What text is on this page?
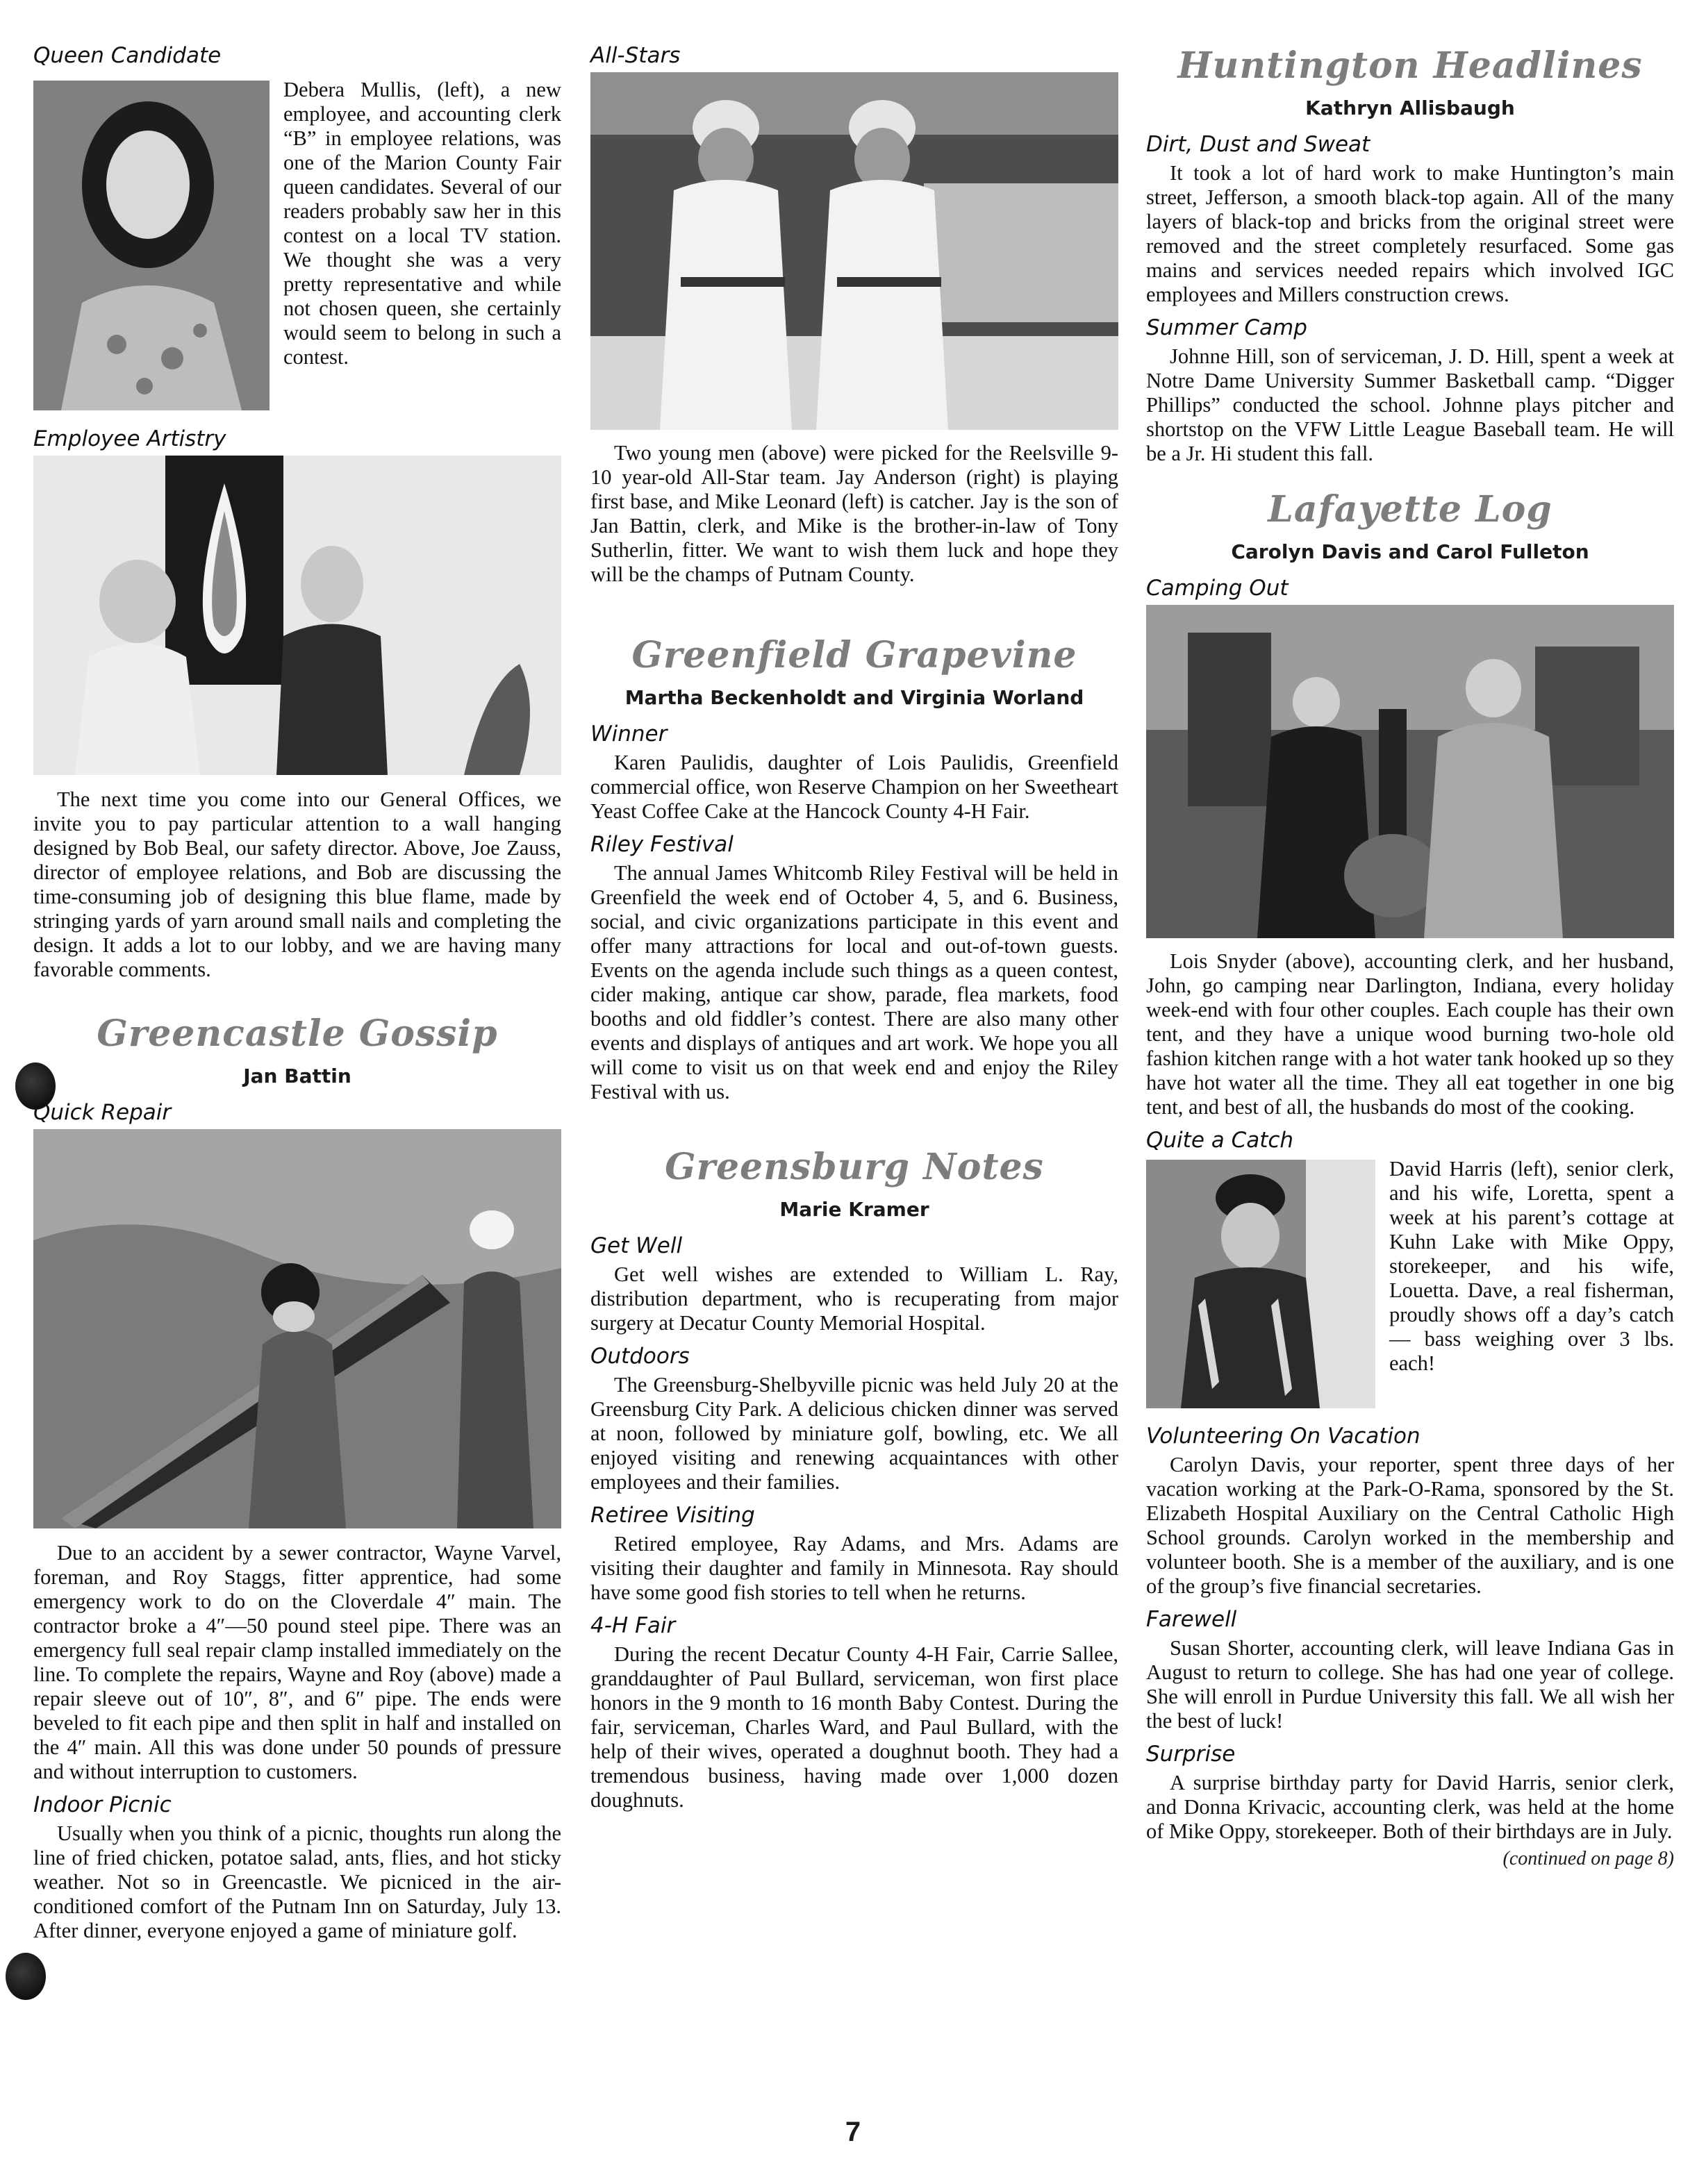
Queen Candidate

Debera Mullis, (left), a new employee, and accounting clerk “B” in employee relations, was one of the Marion County Fair queen candidates. Several of our readers probably saw her in this contest on a local TV station. We thought she was a very pretty representative and while not chosen queen, she certainly would seem to belong in such a contest.

Employee Artistry

The next time you come into our General Offices, we invite you to pay particular attention to a wall hanging designed by Bob Beal, our safety director. Above, Joe Zauss, director of employee relations, and Bob are discussing the time-consuming job of designing this blue flame, made by stringing yards of yarn around small nails and completing the design. It adds a lot to our lobby, and we are having many favorable comments.

Greencastle Gossip
Jan Battin
Quick Repair

Due to an accident by a sewer contractor, Wayne Varvel, foreman, and Roy Staggs, fitter apprentice, had some emergency work to do on the Cloverdale 4″ main. The contractor broke a 4″—50 pound steel pipe. There was an emergency full seal repair clamp installed immediately on the line. To complete the repairs, Wayne and Roy (above) made a repair sleeve out of 10″, 8″, and 6″ pipe. The ends were beveled to fit each pipe and then split in half and installed on the 4″ main. All this was done under 50 pounds of pressure and without interruption to customers.

Indoor Picnic

Usually when you think of a picnic, thoughts run along the line of fried chicken, potatoe salad, ants, flies, and hot sticky weather. Not so in Greencastle. We picniced in the air-conditioned comfort of the Putnam Inn on Saturday, July 13. After dinner, everyone enjoyed a game of miniature golf.

All-Stars

Two young men (above) were picked for the Reelsville 9-10 year-old All-Star team. Jay Anderson (right) is playing first base, and Mike Leonard (left) is catcher. Jay is the son of Jan Battin, clerk, and Mike is the brother-in-law of Tony Sutherlin, fitter. We want to wish them luck and hope they will be the champs of Putnam County.

Greenfield Grapevine
Martha Beckenholdt and Virginia Worland
Winner

Karen Paulidis, daughter of Lois Paulidis, Greenfield commercial office, won Reserve Champion on her Sweetheart Yeast Coffee Cake at the Hancock County 4-H Fair.

Riley Festival

The annual James Whitcomb Riley Festival will be held in Greenfield the week end of October 4, 5, and 6. Business, social, and civic organizations participate in this event and offer many attractions for local and out-of-town guests. Events on the agenda include such things as a queen contest, cider making, antique car show, parade, flea markets, food booths and old fiddler’s contest. There are also many other events and displays of antiques and art work. We hope you all will come to visit us on that week end and enjoy the Riley Festival with us.

Greensburg Notes
Marie Kramer
Get Well

Get well wishes are extended to William L. Ray, distribution department, who is recuperating from major surgery at Decatur County Memorial Hospital.

Outdoors

The Greensburg-Shelbyville picnic was held July 20 at the Greensburg City Park. A delicious chicken dinner was served at noon, followed by miniature golf, bowling, etc. We all enjoyed visiting and renewing acquaintances with other employees and their families.

Retiree Visiting

Retired employee, Ray Adams, and Mrs. Adams are visiting their daughter and family in Minnesota. Ray should have some good fish stories to tell when he returns.

4-H Fair

During the recent Decatur County 4-H Fair, Carrie Sallee, granddaughter of Paul Bullard, serviceman, won first place honors in the 9 month to 16 month Baby Contest. During the fair, serviceman, Charles Ward, and Paul Bullard, with the help of their wives, operated a doughnut booth. They had a tremendous business, having made over 1,000 dozen doughnuts.

Huntington Headlines
Kathryn Allisbaugh
Dirt, Dust and Sweat

It took a lot of hard work to make Huntington’s main street, Jefferson, a smooth black-top again. All of the many layers of black-top and bricks from the original street were removed and the street completely resurfaced. Some gas mains and services needed repairs which involved IGC employees and Millers construction crews.

Summer Camp

Johnne Hill, son of serviceman, J. D. Hill, spent a week at Notre Dame University Summer Basketball camp. “Digger Phillips” conducted the school. Johnne plays pitcher and shortstop on the VFW Little League Baseball team. He will be a Jr. Hi student this fall.

Lafayette Log
Carolyn Davis and Carol Fulleton
Camping Out

Lois Snyder (above), accounting clerk, and her husband, John, go camping near Darlington, Indiana, every holiday week-end with four other couples. Each couple has their own tent, and they have a unique wood burning two-hole old fashion kitchen range with a hot water tank hooked up so they have hot water all the time. They all eat together in one big tent, and best of all, the husbands do most of the cooking.

Quite a Catch

David Harris (left), senior clerk, and his wife, Loretta, spent a week at his parent’s cottage at Kuhn Lake with Mike Oppy, storekeeper, and his wife, Louetta. Dave, a real fisherman, proudly shows off a day’s catch — bass weighing over 3 lbs. each!

Volunteering On Vacation

Carolyn Davis, your reporter, spent three days of her vacation working at the Park-O-Rama, sponsored by the St. Elizabeth Hospital Auxiliary on the Central Catholic High School grounds. Carolyn worked in the membership and volunteer booth. She is a member of the auxiliary, and is one of the group’s five financial secretaries.

Farewell

Susan Shorter, accounting clerk, will leave Indiana Gas in August to return to college. She has had one year of college. She will enroll in Purdue University this fall. We all wish her the best of luck!

Surprise

A surprise birthday party for David Harris, senior clerk, and Donna Krivacic, accounting clerk, was held at the home of Mike Oppy, storekeeper. Both of their birthdays are in July.

(continued on page 8)
7
